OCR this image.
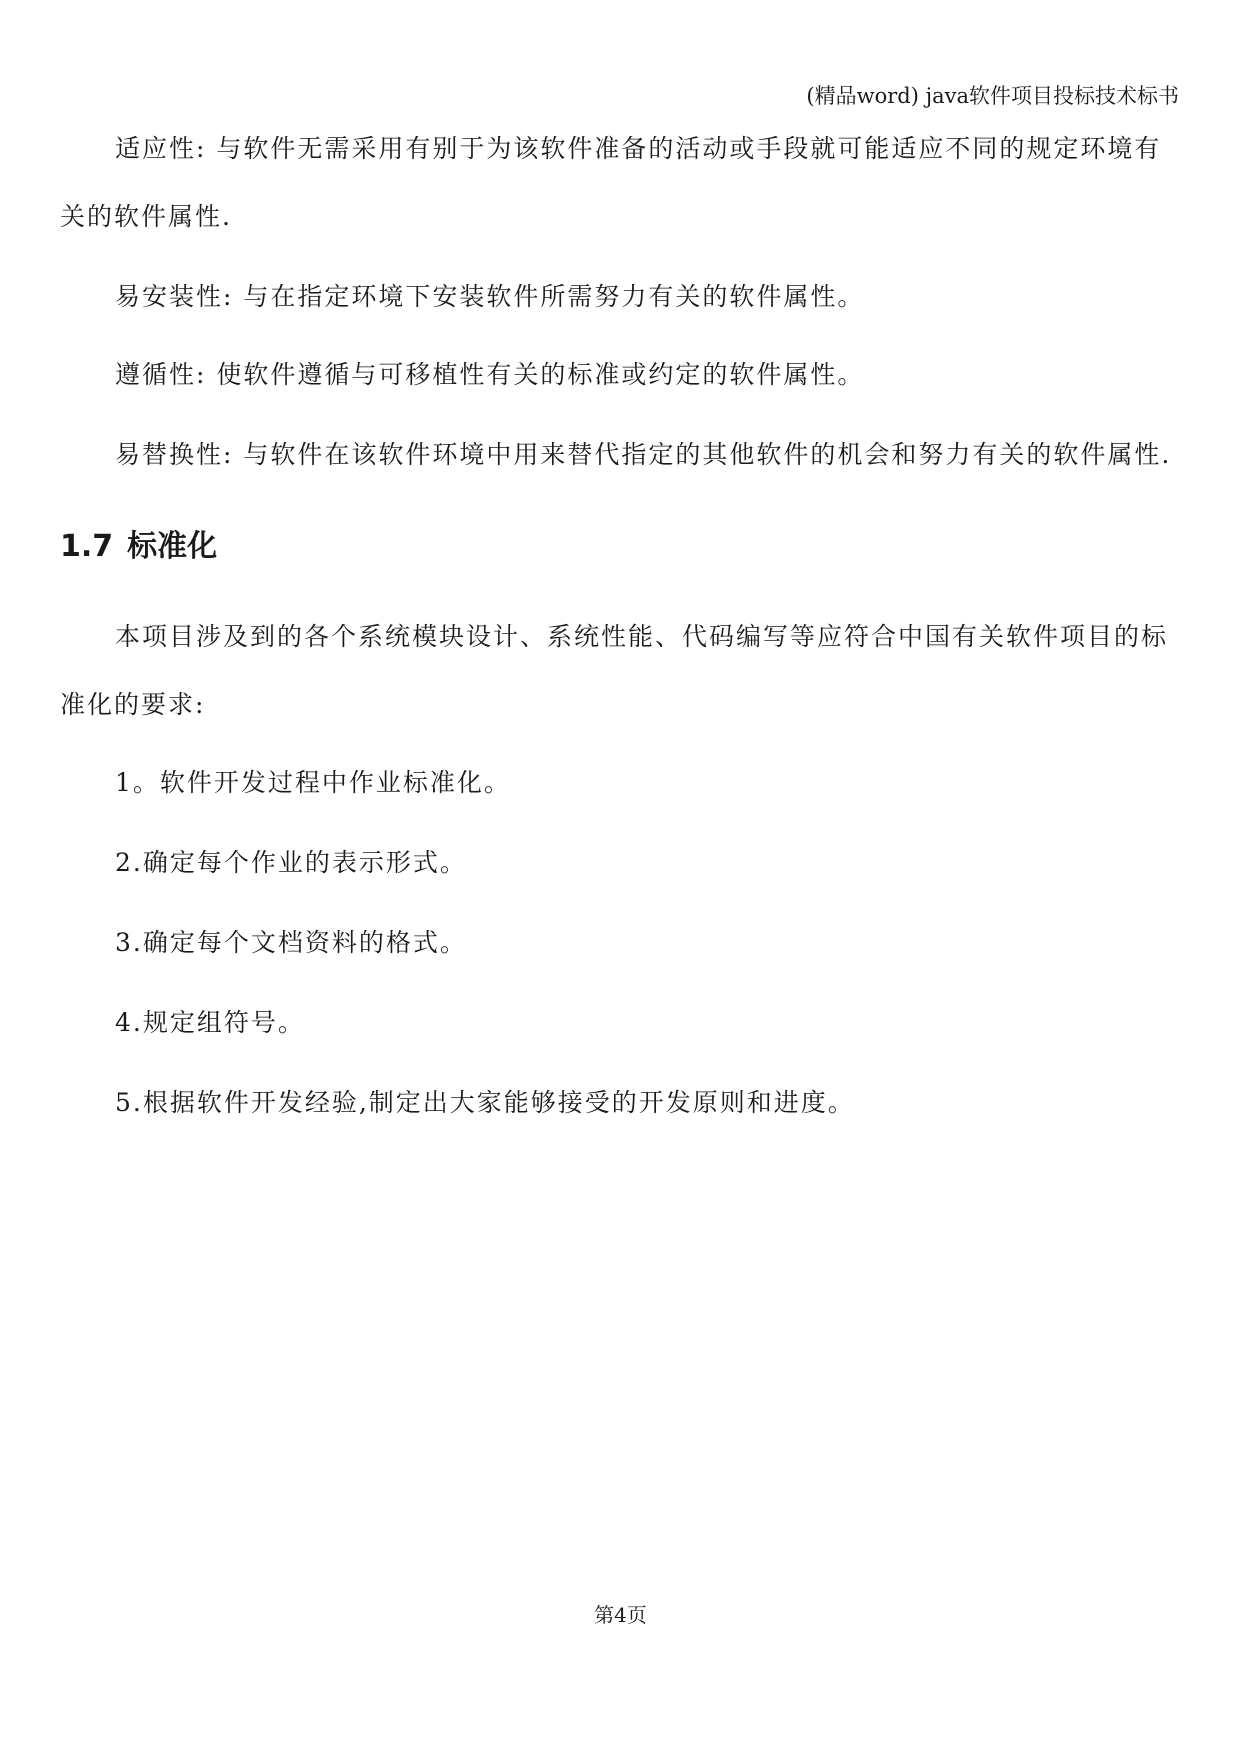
(精品word) java软件项目投标技术标书
适应性: 与软件无需采用有别于为该软件准备的活动或手段就可能适应不同的规定环境有
关的软件属性.
易安装性: 与在指定环境下安装软件所需努力有关的软件属性。
遵循性: 使软件遵循与可移植性有关的标准或约定的软件属性。
易替换性: 与软件在该软件环境中用来替代指定的其他软件的机会和努力有关的软件属性.
1.7 标准化
本项目涉及到的各个系统模块设计、系统性能、代码编写等应符合中国有关软件项目的标
准化的要求:
1。软件开发过程中作业标准化。
2.确定每个作业的表示形式。
3.确定每个文档资料的格式。
4.规定组符号。
5.根据软件开发经验,制定出大家能够接受的开发原则和进度。
第4页
